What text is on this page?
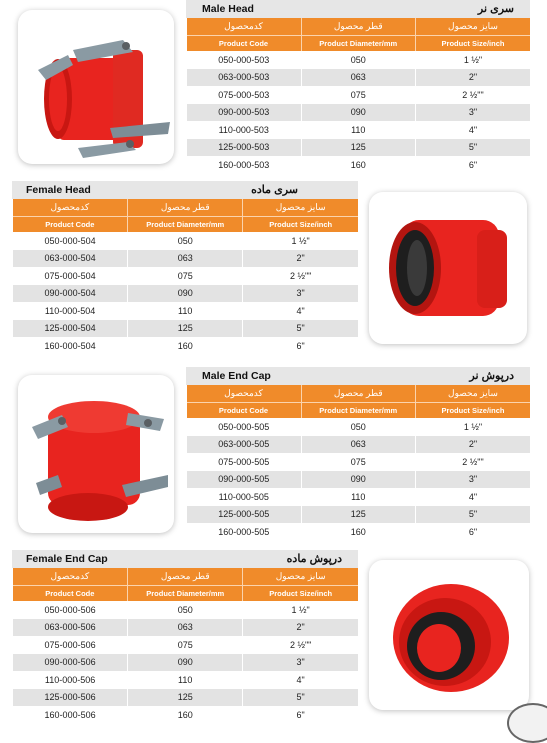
Male Head	سری نر
کدمحصول	قطر محصول	سایز محصول
Product Code	Product Diameter/mm	Product Size/inch
050-000-503	050	1 ½"
063-000-503	063	2"
075-000-503	075	2 ½""
090-000-503	090	3"
110-000-503	110	4"
125-000-503	125	5"
160-000-503	160	6"
Female Head	سری ماده
کدمحصول	قطر محصول	سایز محصول
Product Code	Product Diameter/mm	Product Size/inch
050-000-504	050	1 ½"
063-000-504	063	2"
075-000-504	075	2 ½""
090-000-504	090	3"
110-000-504	110	4"
125-000-504	125	5"
160-000-504	160	6"
Male End Cap	درپوش نر
کدمحصول	قطر محصول	سایز محصول
Product Code	Product Diameter/mm	Product Size/inch
050-000-505	050	1 ½"
063-000-505	063	2"
075-000-505	075	2 ½""
090-000-505	090	3"
110-000-505	110	4"
125-000-505	125	5"
160-000-505	160	6"
Female End Cap	درپوش ماده
کدمحصول	قطر محصول	سایز محصول
Product Code	Product Diameter/mm	Product Size/inch
050-000-506	050	1 ½"
063-000-506	063	2"
075-000-506	075	2 ½""
090-000-506	090	3"
110-000-506	110	4"
125-000-506	125	5"
160-000-506	160	6"
